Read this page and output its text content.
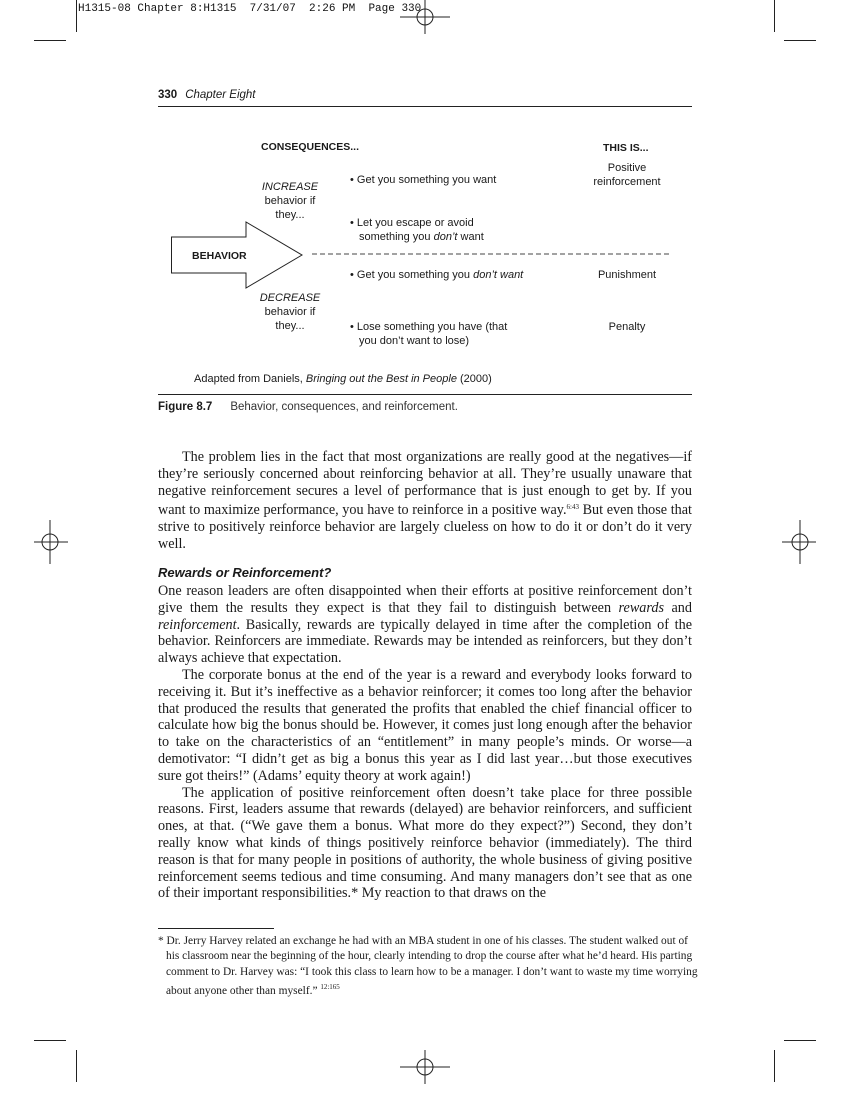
H1315-08 Chapter 8:H1315  7/31/07  2:26 PM  Page 330
330 Chapter Eight
CONSEQUENCES...	THIS IS...
INCREASE
behavior if
they...
DECREASE
behavior if
they...
BEHAVIOR
• Get you something you want
• Let you escape or avoid
something you don’t want
• Get you something you don’t want
• Lose something you have (that
you don’t want to lose)
Positive
reinforcement
Punishment
Penalty
Adapted from Daniels, Bringing out the Best in People (2000)
Figure 8.7 Behavior, consequences, and reinforcement.

The problem lies in the fact that most organizations are really good at the negatives—if they’re seriously concerned about reinforcing behavior at all. They’re usually unaware that negative reinforcement secures a level of performance that is just enough to get by. If you want to maximize performance, you have to reinforce in a positive way.$^{6:43}$ But even those that strive to positively reinforce behavior are largely clueless on how to do it or don’t do it very well.

Rewards or Reinforcement?

One reason leaders are often disappointed when their efforts at positive reinforcement don’t give them the results they expect is that they fail to distinguish between rewards and reinforcement. Basically, rewards are typically delayed in time after the completion of the behavior. Reinforcers are immediate. Rewards may be intended as reinforcers, but they don’t always achieve that expectation.

The corporate bonus at the end of the year is a reward and everybody looks forward to receiving it. But it’s ineffective as a behavior reinforcer; it comes too long after the behavior that produced the results that generated the profits that enabled the chief financial officer to calculate how big the bonus should be. However, it comes just long enough after the behavior to take on the characteristics of an “entitlement” in many people’s minds. Or worse—a demotivator: “I didn’t get as big a bonus this year as I did last year…but those executives sure got theirs!” (Adams’ equity theory at work again!)

The application of positive reinforcement often doesn’t take place for three possible reasons. First, leaders assume that rewards (delayed) are behavior reinforcers, and sufficient ones, at that. (“We gave them a bonus. What more do they expect?”) Second, they don’t really know what kinds of things positively reinforce behavior (immediately). The third reason is that for many people in positions of authority, the whole business of giving positive reinforcement seems tedious and time consuming. And many managers don’t see that as one of their important responsibilities.* My reaction to that draws on the

* Dr. Jerry Harvey related an exchange he had with an MBA student in one of his classes. The student walked out of his classroom near the beginning of the hour, clearly intending to drop the course after what he’d heard. His parting comment to Dr. Harvey was: “I took this class to learn how to be a manager. I don’t want to waste my time worrying about anyone other than myself.” $^{12:165}$
